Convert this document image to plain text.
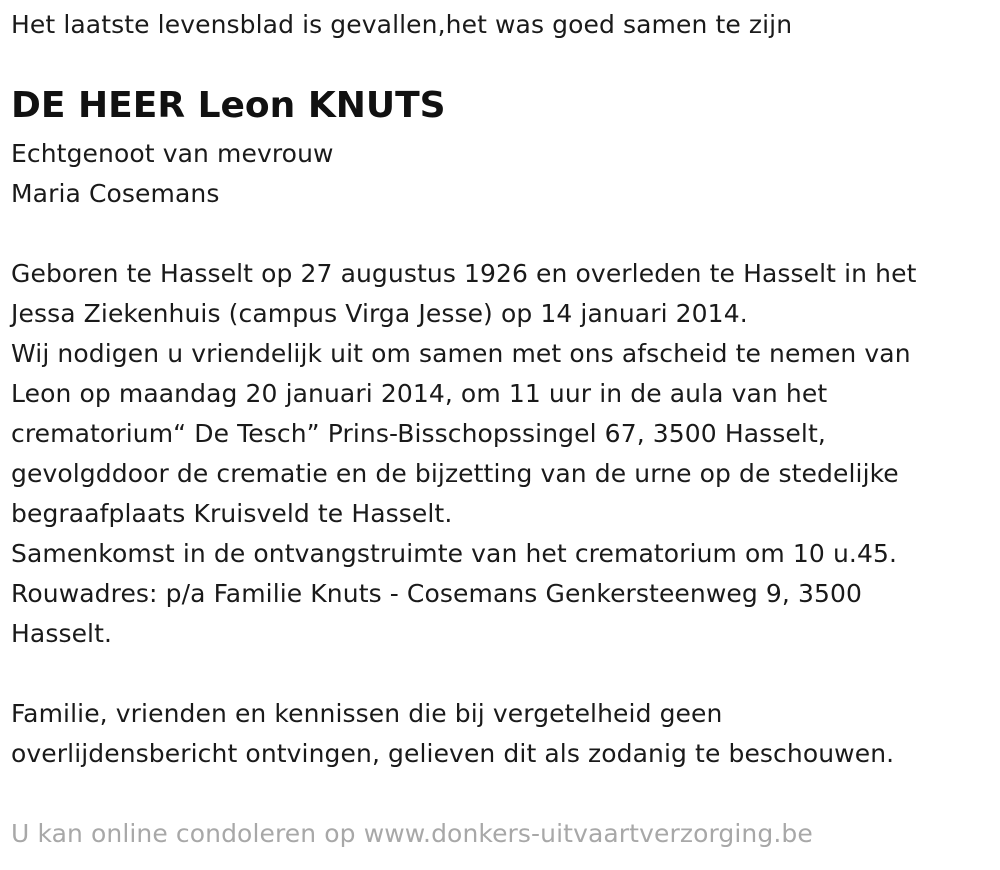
Het laatste levensblad is gevallen,het was goed samen te zijn
DE HEER Leon KNUTS
Echtgenoot van mevrouw
Maria Cosemans
Geboren te Hasselt op 27 augustus 1926 en overleden te Hasselt in het
Jessa Ziekenhuis (campus Virga Jesse) op 14 januari 2014.
Wij nodigen u vriendelijk uit om samen met ons afscheid te nemen van
Leon op maandag 20 januari 2014, om 11 uur in de aula van het
crematorium“ De Tesch” Prins-Bisschopssingel 67, 3500 Hasselt,
gevolgddoor de crematie en de bijzetting van de urne op de stedelijke
begraafplaats Kruisveld te Hasselt.
Samenkomst in de ontvangstruimte van het crematorium om 10 u.45.
Rouwadres: p/a Familie Knuts - Cosemans Genkersteenweg 9, 3500
Hasselt.
Familie, vrienden en kennissen die bij vergetelheid geen
overlijdensbericht ontvingen, gelieven dit als zodanig te beschouwen.
U kan online condoleren op www.donkers-uitvaartverzorging.be
